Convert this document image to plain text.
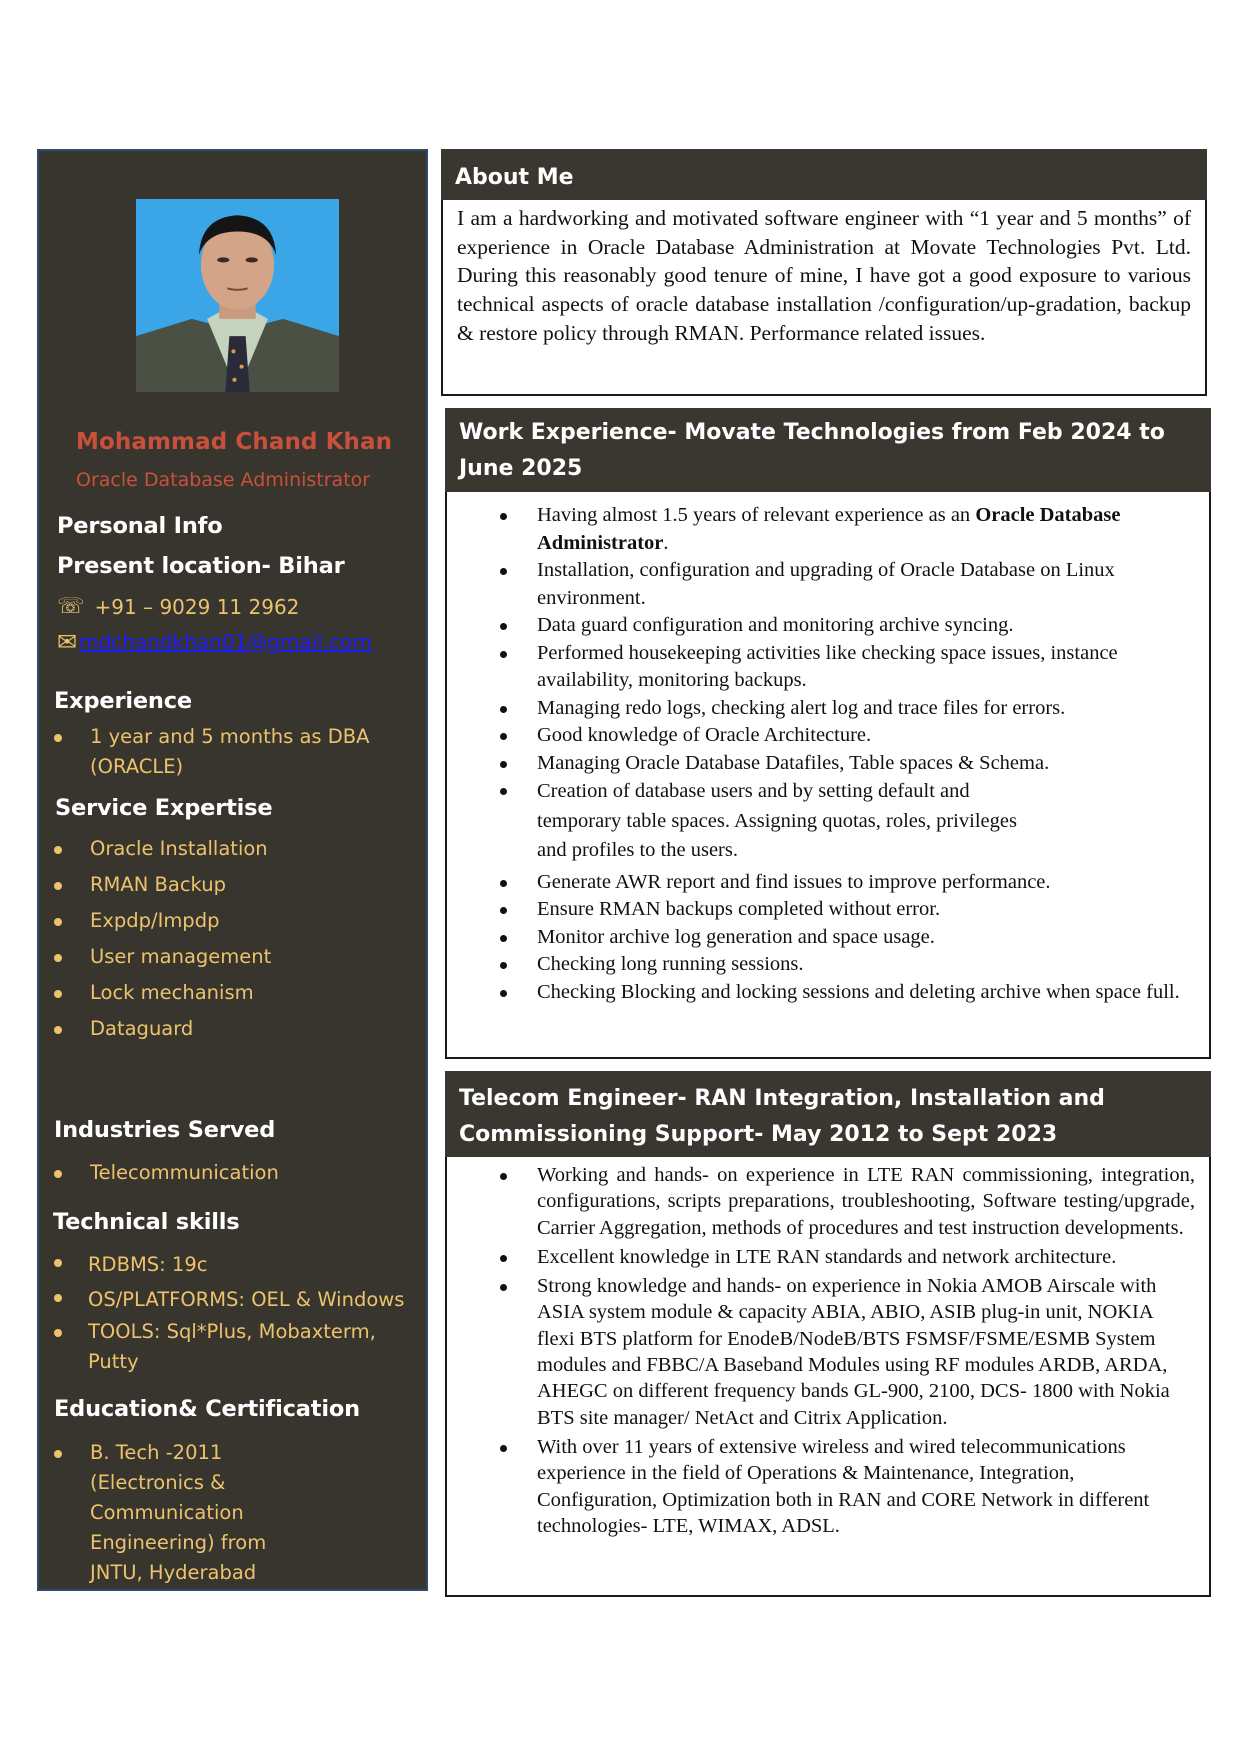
Mohammad Chand Khan
Oracle Database Administrator
Personal Info
Present location- Bihar
☏ +91 – 9029 11 2962
✉ mdchandkhan01@gmail.com
Experience
1 year and 5 months as DBA (ORACLE)
Service Expertise
Oracle Installation
RMAN Backup
Expdp/Impdp
User management
Lock mechanism
Dataguard
Industries Served
Telecommunication
Technical skills
RDBMS: 19c
OS/PLATFORMS: OEL & Windows
TOOLS: Sql*Plus, Mobaxterm, Putty
Education& Certification
B. Tech -2011 (Electronics & Communication Engineering) from JNTU, Hyderabad
About Me

I am a hardworking and motivated software engineer with “1 year and 5 months” of experience in Oracle Database Administration at Movate Technologies Pvt. Ltd. During this reasonably good tenure of mine, I have got a good exposure to various technical aspects of oracle database installation /configuration/up-gradation, backup & restore policy through RMAN. Performance related issues.

Work Experience- Movate Technologies from Feb 2024 to June 2025
Having almost 1.5 years of relevant experience as an Oracle Database Administrator.
Installation, configuration and upgrading of Oracle Database on Linux environment.
Data guard configuration and monitoring archive syncing.
Performed housekeeping activities like checking space issues, instance availability, monitoring backups.
Managing redo logs, checking alert log and trace files for errors.
Good knowledge of Oracle Architecture.
Managing Oracle Database Datafiles, Table spaces & Schema.
Creation of database users and by setting default and temporary table spaces. Assigning quotas, roles, privileges and profiles to the users.
Generate AWR report and find issues to improve performance.
Ensure RMAN backups completed without error.
Monitor archive log generation and space usage.
Checking long running sessions.
Checking Blocking and locking sessions and deleting archive when space full.
Telecom Engineer- RAN Integration, Installation and Commissioning Support- May 2012 to Sept 2023
Working and hands- on experience in LTE RAN commissioning, integration, configurations, scripts preparations, troubleshooting, Software testing/upgrade, Carrier Aggregation, methods of procedures and test instruction developments.
Excellent knowledge in LTE RAN standards and network architecture.
Strong knowledge and hands- on experience in Nokia AMOB Airscale with ASIA system module & capacity ABIA, ABIO, ASIB plug-in unit, NOKIA flexi BTS platform for EnodeB/NodeB/BTS FSMSF/FSME/ESMB System modules and FBBC/A Baseband Modules using RF modules ARDB, ARDA, AHEGC on different frequency bands GL-900, 2100, DCS- 1800 with Nokia BTS site manager/ NetAct and Citrix Application.
With over 11 years of extensive wireless and wired telecommunications experience in the field of Operations & Maintenance, Integration, Configuration, Optimization both in RAN and CORE Network in different technologies- LTE, WIMAX, ADSL.
